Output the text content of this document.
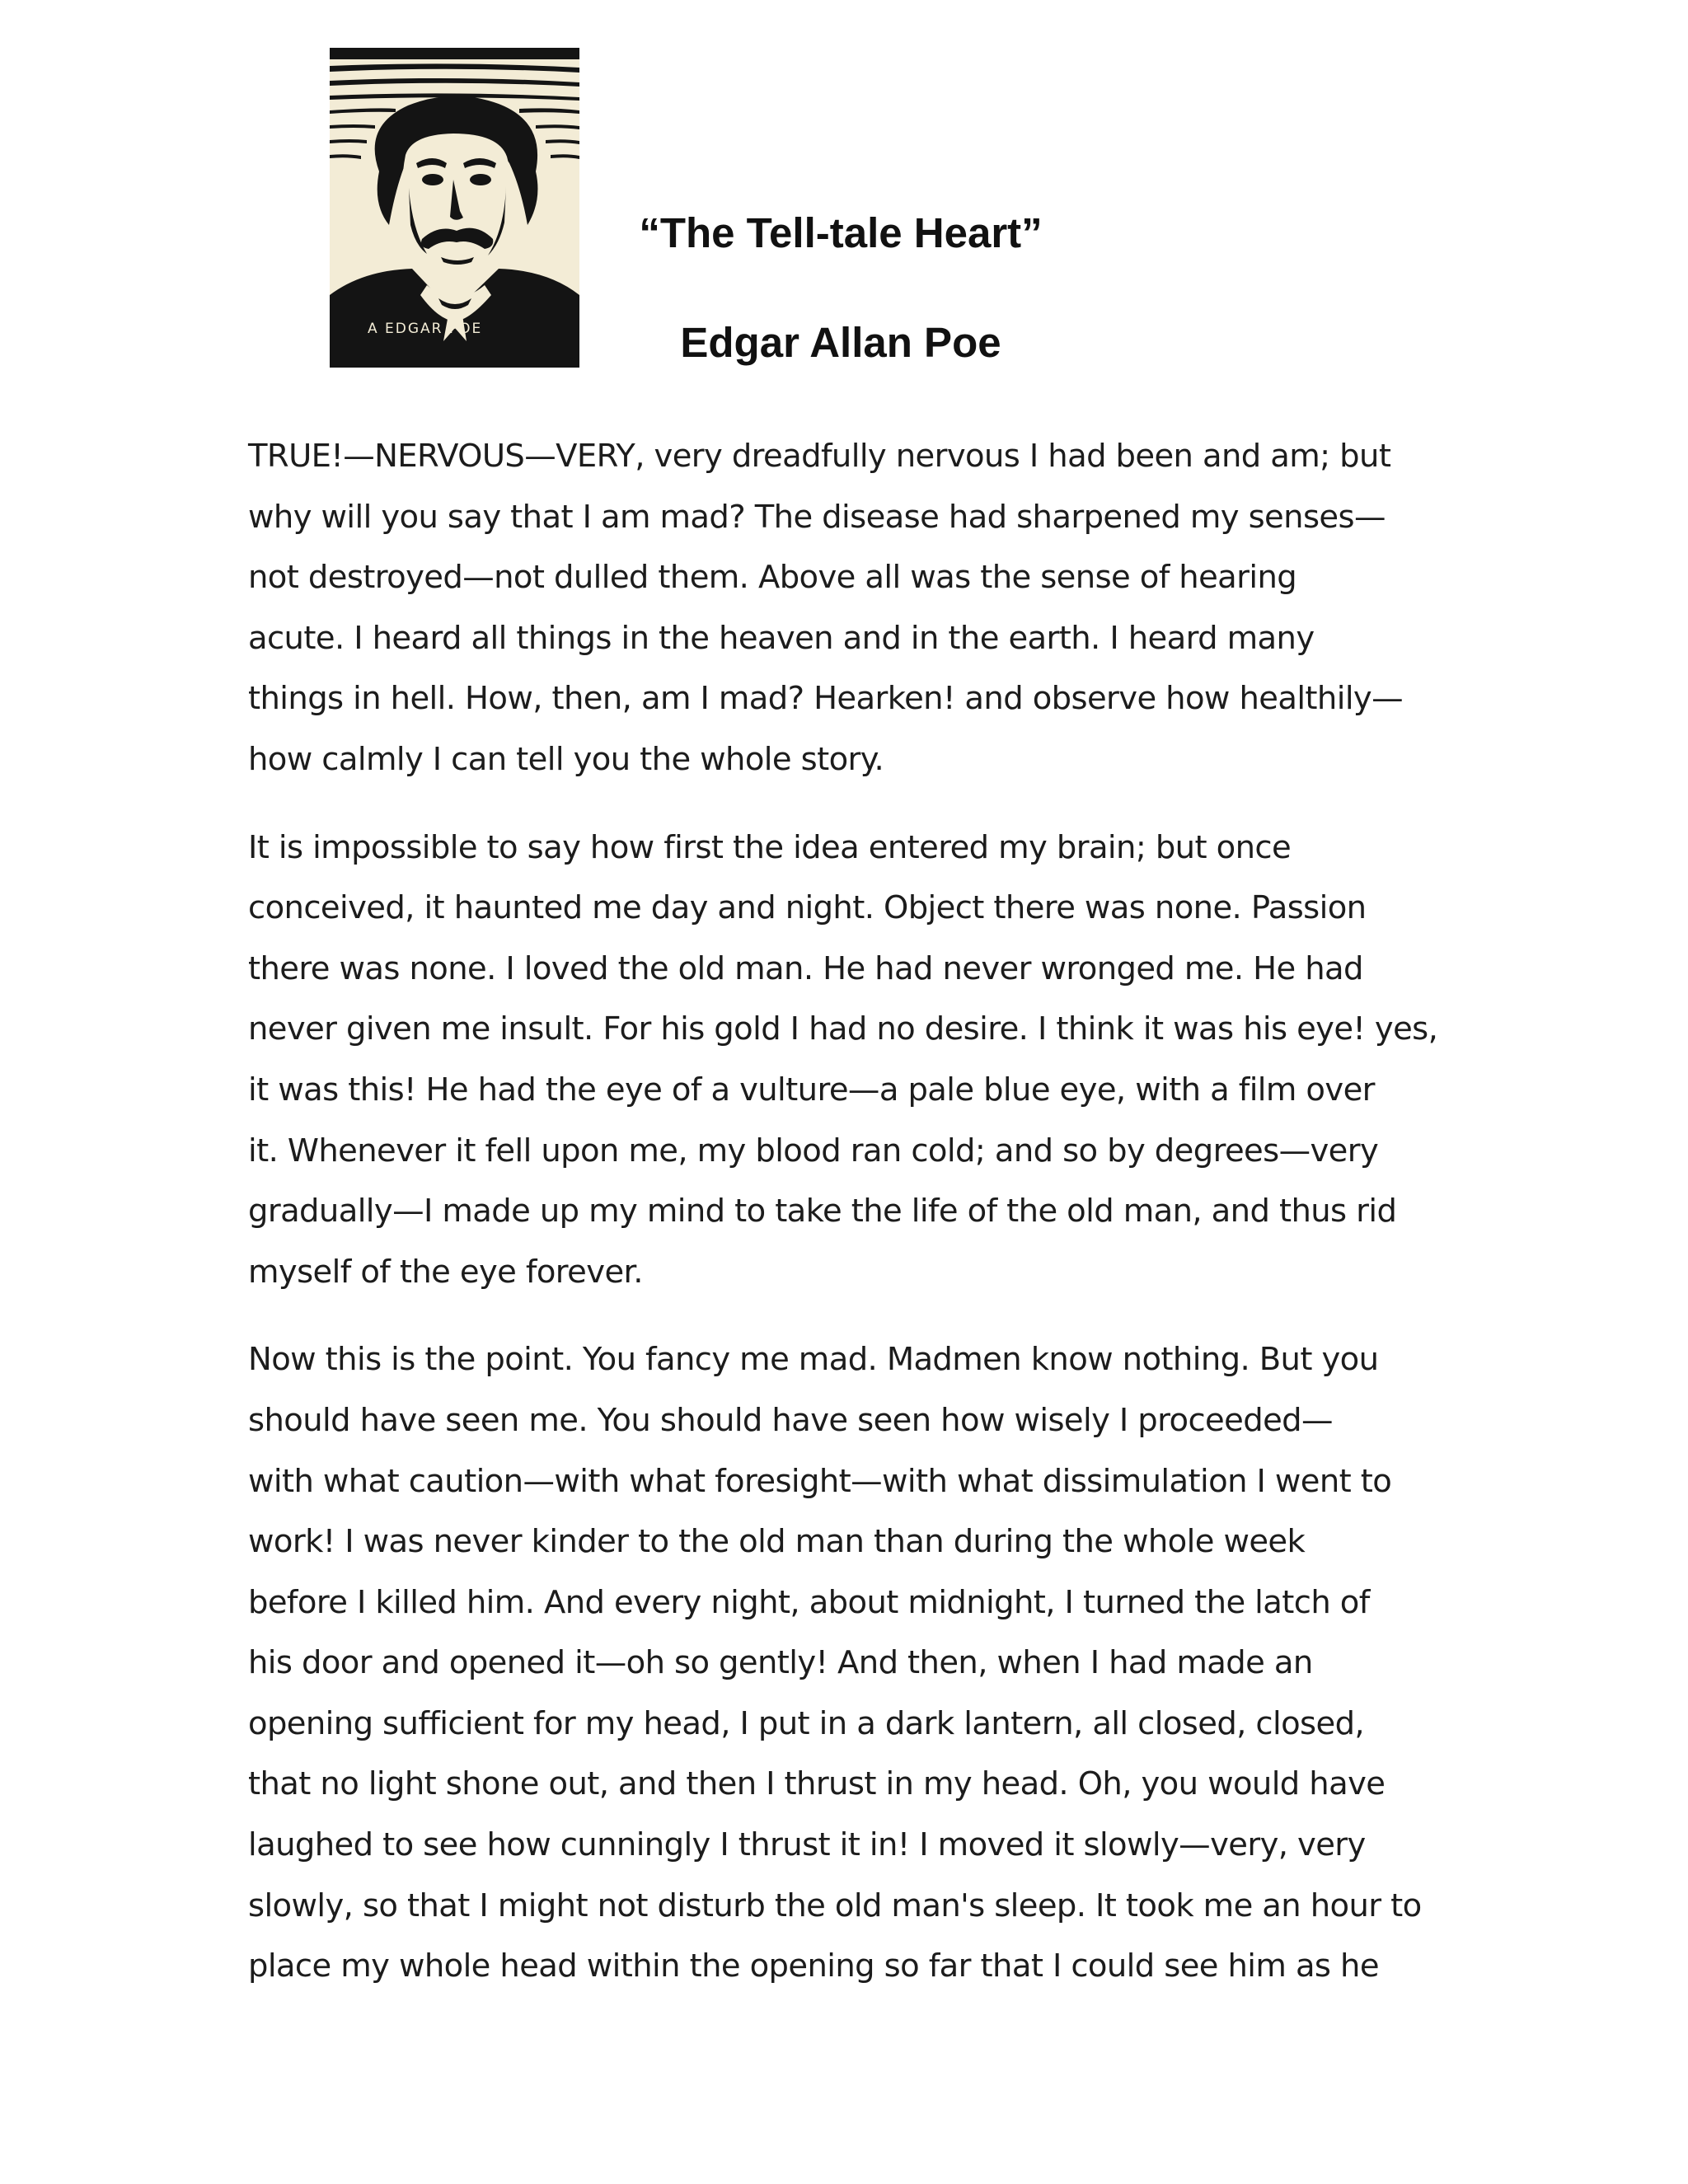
A EDGAR POE
FV
“The Tell-tale Heart”
Edgar Allan Poe
TRUE!—NERVOUS—VERY, very dreadfully nervous I had been and am; but
why will you say that I am mad? The disease had sharpened my senses—
not destroyed—not dulled them. Above all was the sense of hearing
acute. I heard all things in the heaven and in the earth. I heard many
things in hell. How, then, am I mad? Hearken! and observe how healthily—
how calmly I can tell you the whole story.
It is impossible to say how first the idea entered my brain; but once
conceived, it haunted me day and night. Object there was none. Passion
there was none. I loved the old man. He had never wronged me. He had
never given me insult. For his gold I had no desire. I think it was his eye! yes,
it was this! He had the eye of a vulture—a pale blue eye, with a film over
it. Whenever it fell upon me, my blood ran cold; and so by degrees—very
gradually—I made up my mind to take the life of the old man, and thus rid
myself of the eye forever.
Now this is the point. You fancy me mad. Madmen know nothing. But you
should have seen me. You should have seen how wisely I proceeded—
with what caution—with what foresight—with what dissimulation I went to
work! I was never kinder to the old man than during the whole week
before I killed him. And every night, about midnight, I turned the latch of
his door and opened it—oh so gently! And then, when I had made an
opening sufficient for my head, I put in a dark lantern, all closed, closed,
that no light shone out, and then I thrust in my head. Oh, you would have
laughed to see how cunningly I thrust it in! I moved it slowly—very, very
slowly, so that I might not disturb the old man's sleep. It took me an hour to
place my whole head within the opening so far that I could see him as he
